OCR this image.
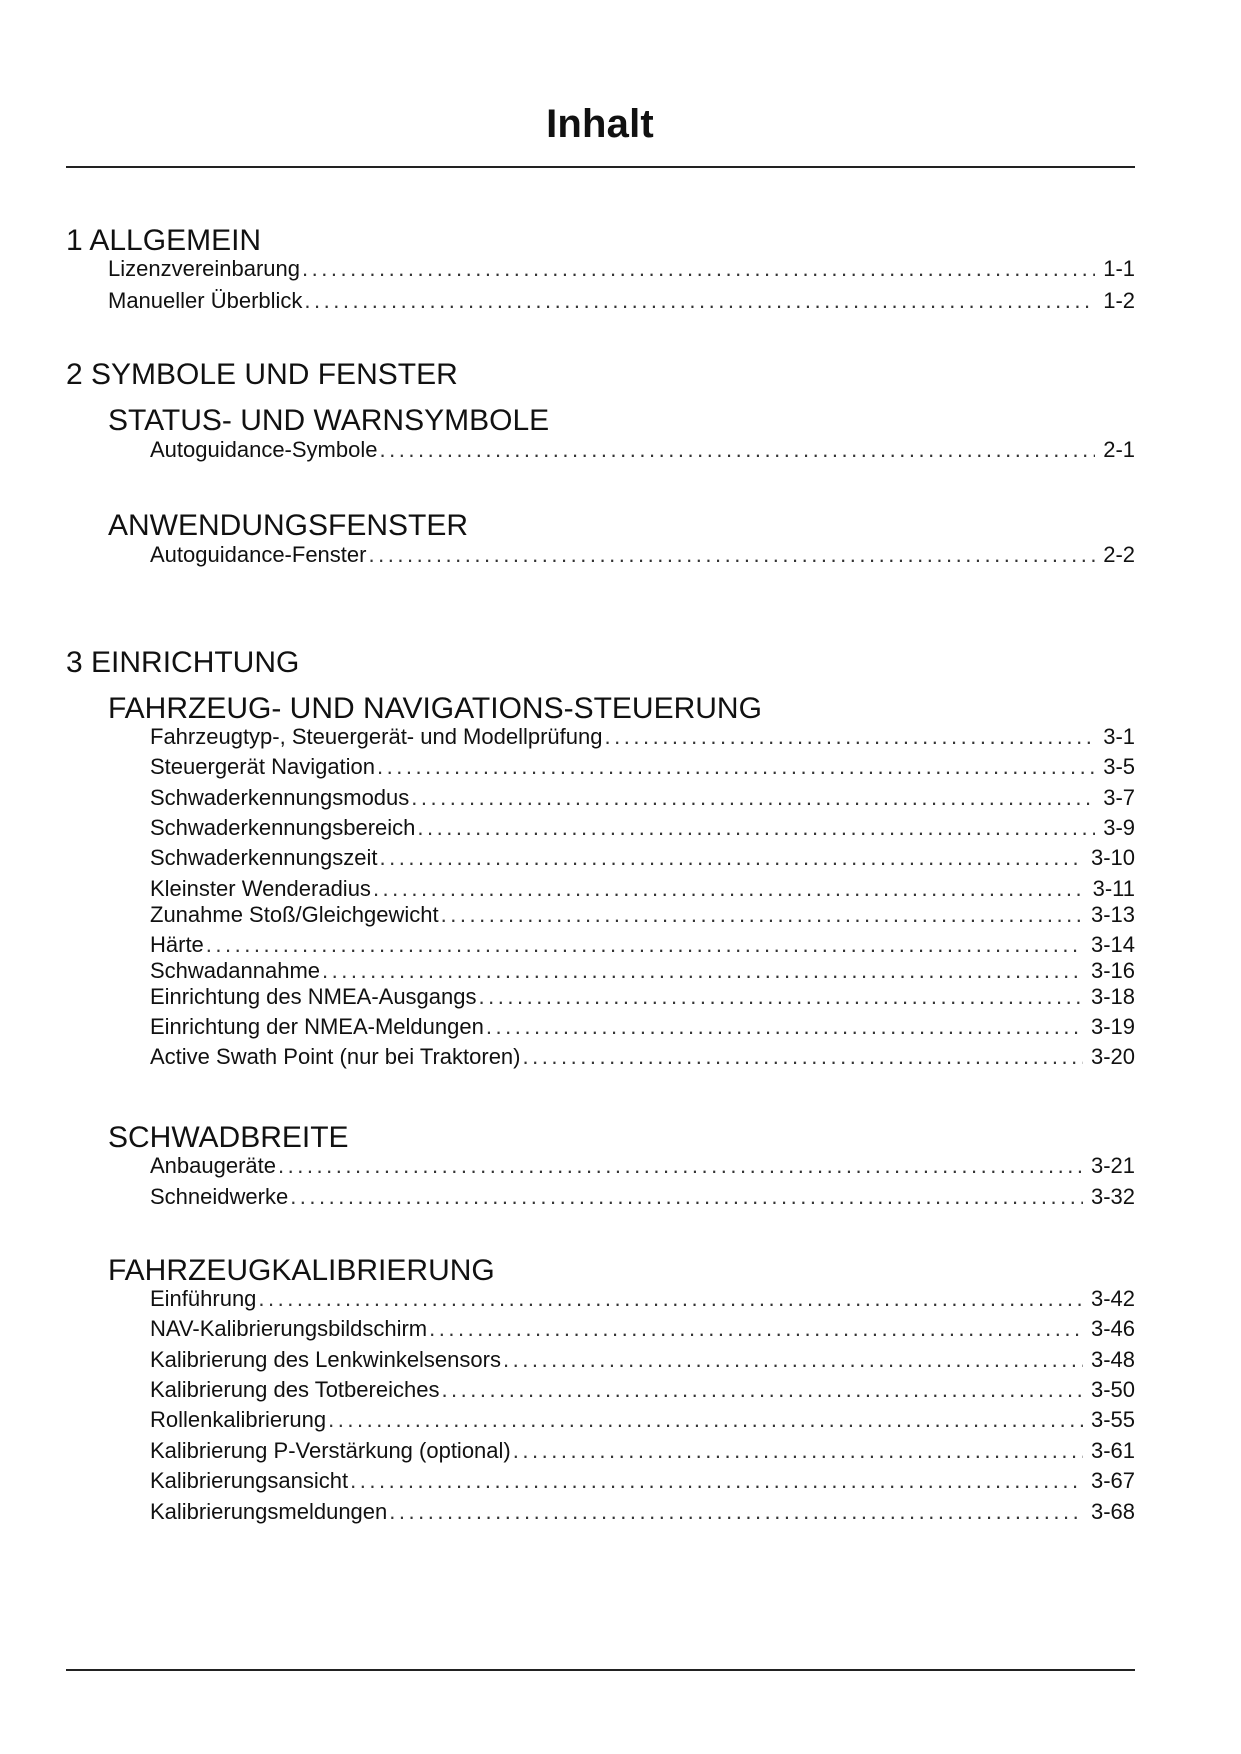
Inhalt
1 ALLGEMEIN
Lizenzvereinbarung . . .	1-1
Manueller Überblick . . .	1-2
2 SYMBOLE UND FENSTER
STATUS- UND WARNSYMBOLE
Autoguidance-Symbole . . .	2-1
ANWENDUNGSFENSTER
Autoguidance-Fenster . . .	2-2
3 EINRICHTUNG
FAHRZEUG- UND NAVIGATIONS-STEUERUNG
Fahrzeugtyp-, Steuergerät- und Modellprüfung . . .	3-1
Steuergerät Navigation . . .	3-5
Schwaderkennungsmodus . . .	3-7
Schwaderkennungsbereich . . .	3-9
Schwaderkennungszeit . . .	3-10
Kleinster Wenderadius . . .	3-11
Zunahme Stoß/Gleichgewicht . . .	3-13
Härte . . .	3-14
Schwadannahme . . .	3-16
Einrichtung des NMEA-Ausgangs . . .	3-18
Einrichtung der NMEA-Meldungen . . .	3-19
Active Swath Point (nur bei Traktoren) . . .	3-20
SCHWADBREITE
Anbaugeräte . . .	3-21
Schneidwerke . . .	3-32
FAHRZEUGKALIBRIERUNG
Einführung . . .	3-42
NAV-Kalibrierungsbildschirm . . .	3-46
Kalibrierung des Lenkwinkelsensors . . .	3-48
Kalibrierung des Totbereiches . . .	3-50
Rollenkalibrierung . . .	3-55
Kalibrierung P-Verstärkung (optional) . . .	3-61
Kalibrierungsansicht . . .	3-67
Kalibrierungsmeldungen . . .	3-68
